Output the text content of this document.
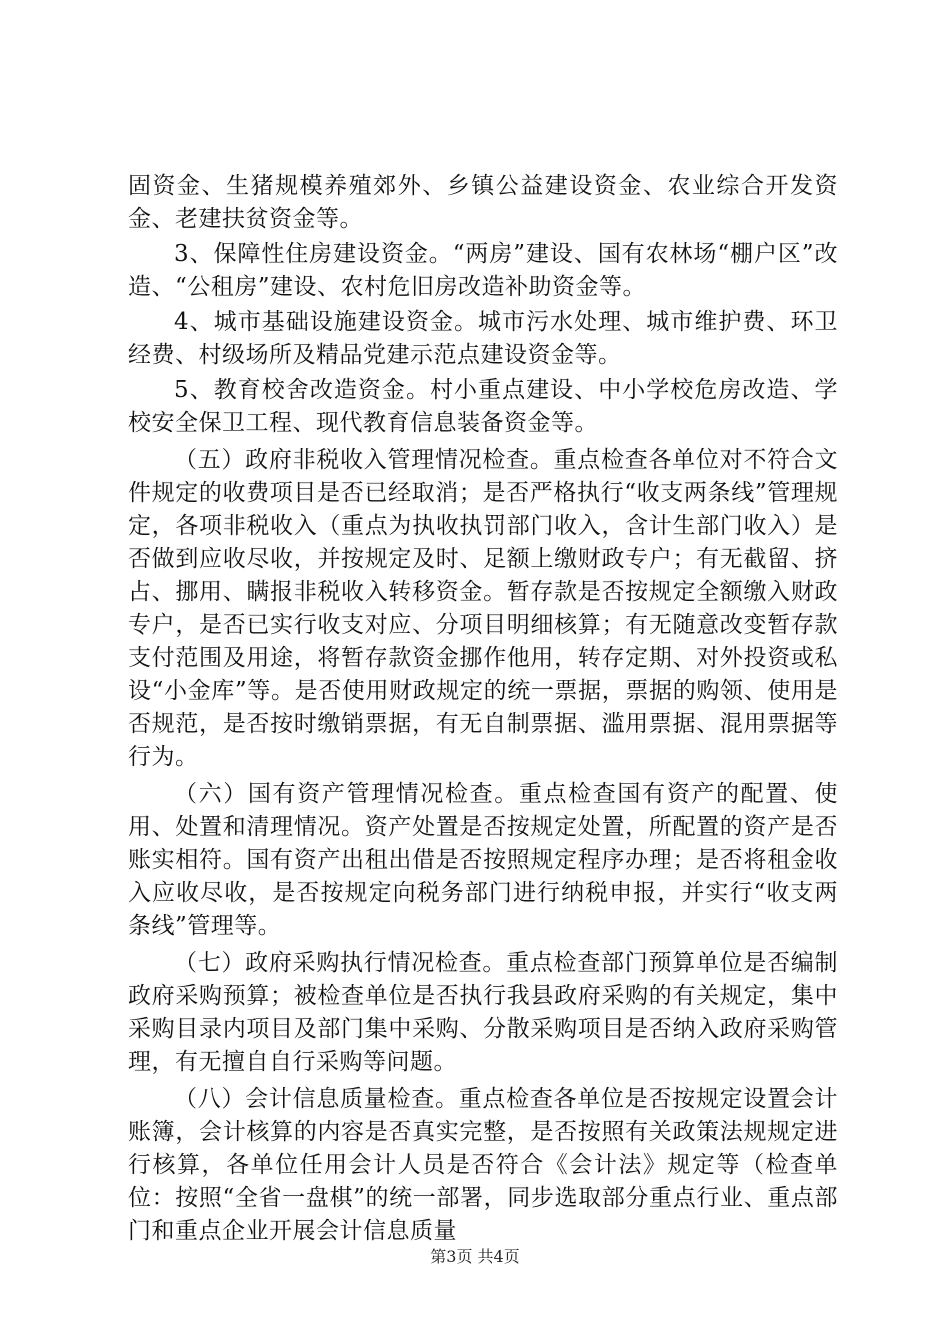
固资金、生猪规模养殖郊外、乡镇公益建设资金、农业综合开发资金、老建扶贫资金等。

3、保障性住房建设资金。“两房”建设、国有农林场“棚户区”改造、“公租房”建设、农村危旧房改造补助资金等。

4、城市基础设施建设资金。城市污水处理、城市维护费、环卫经费、村级场所及精品党建示范点建设资金等。

5、教育校舍改造资金。村小重点建设、中小学校危房改造、学校安全保卫工程、现代教育信息装备资金等。

（五）政府非税收入管理情况检查。重点检查各单位对不符合文件规定的收费项目是否已经取消；是否严格执行“收支两条线”管理规定，各项非税收入（重点为执收执罚部门收入，含计生部门收入）是否做到应收尽收，并按规定及时、足额上缴财政专户；有无截留、挤占、挪用、瞒报非税收入转移资金。暂存款是否按规定全额缴入财政专户，是否已实行收支对应、分项目明细核算；有无随意改变暂存款支付范围及用途，将暂存款资金挪作他用，转存定期、对外投资或私设“小金库”等。是否使用财政规定的统一票据，票据的购领、使用是否规范，是否按时缴销票据，有无自制票据、滥用票据、混用票据等行为。

（六）国有资产管理情况检查。重点检查国有资产的配置、使用、处置和清理情况。资产处置是否按规定处置，所配置的资产是否账实相符。国有资产出租出借是否按照规定程序办理；是否将租金收入应收尽收，是否按规定向税务部门进行纳税申报，并实行“收支两条线”管理等。

（七）政府采购执行情况检查。重点检查部门预算单位是否编制政府采购预算；被检查单位是否执行我县政府采购的有关规定，集中采购目录内项目及部门集中采购、分散采购项目是否纳入政府采购管理，有无擅自自行采购等问题。

（八）会计信息质量检查。重点检查各单位是否按规定设置会计账簿，会计核算的内容是否真实完整，是否按照有关政策法规规定进行核算，各单位任用会计人员是否符合《会计法》规定等（检查单位：按照“全省一盘棋”的统一部署，同步选取部分重点行业、重点部门和重点企业开展会计信息质量

第3页 共4页
